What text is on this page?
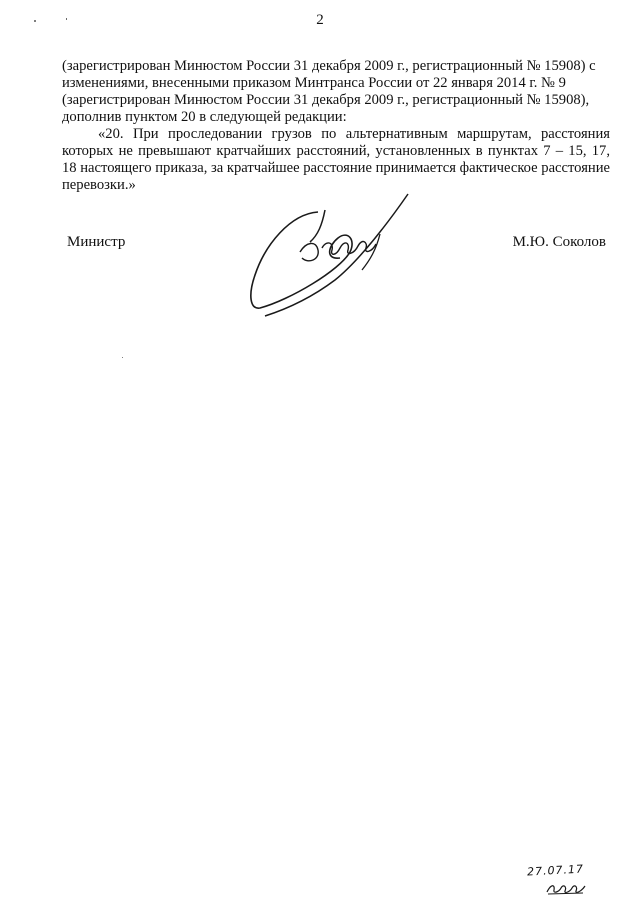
2

(зарегистрирован Минюстом России 31 декабря 2009 г., регистрационный № 15908) с

изменениями, внесенными приказом Минтранса России от 22 января 2014 г. № 9

(зарегистрирован Минюстом России 31 декабря 2009 г., регистрационный № 15908),

дополнив пунктом 20 в следующей редакции:

«20. При проследовании грузов по альтернативным маршрутам, расстояния которых не превышают кратчайших расстояний, установленных в пунктах 7 – 15, 17, 18 настоящего приказа, за кратчайшее расстояние принимается фактическое расстояние перевозки.»

Министр	М.Ю. Соколов
27.07.17
